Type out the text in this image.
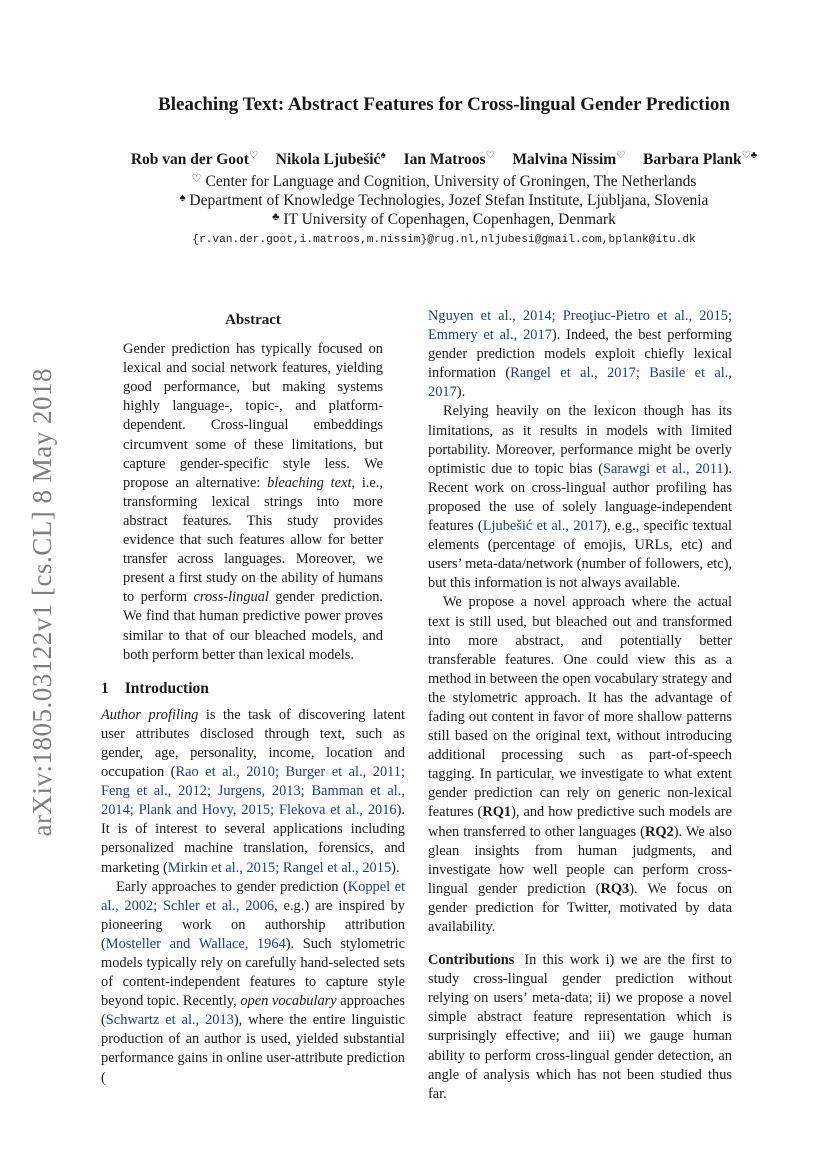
arXiv:1805.03122v1 [cs.CL] 8 May 2018
Bleaching Text: Abstract Features for Cross-lingual Gender Prediction
Rob van der Goot♡ Nikola Ljubešić♠ Ian Matroos♡ Malvina Nissim♡ Barbara Plank♡♣
♡ Center for Language and Cognition, University of Groningen, The Netherlands
♠ Department of Knowledge Technologies, Jozef Stefan Institute, Ljubljana, Slovenia
♣ IT University of Copenhagen, Copenhagen, Denmark
{r.van.der.goot,i.matroos,m.nissim}@rug.nl,nljubesi@gmail.com,bplank@itu.dk
Abstract

Gender prediction has typically focused on lexical and social network features, yielding good performance, but making systems highly language-, topic-, and platform-dependent. Cross-lingual embeddings circumvent some of these limitations, but capture gender-specific style less. We propose an alternative: bleaching text, i.e., transforming lexical strings into more abstract features. This study provides evidence that such features allow for better transfer across languages. Moreover, we present a first study on the ability of humans to perform cross-lingual gender prediction. We find that human predictive power proves similar to that of our bleached models, and both perform better than lexical models.

1 Introduction

Author profiling is the task of discovering latent user attributes disclosed through text, such as gender, age, personality, income, location and occupation (Rao et al., 2010; Burger et al., 2011; Feng et al., 2012; Jurgens, 2013; Bamman et al., 2014; Plank and Hovy, 2015; Flekova et al., 2016). It is of interest to several applications including personalized machine translation, forensics, and marketing (Mirkin et al., 2015; Rangel et al., 2015).

Early approaches to gender prediction (Koppel et al., 2002; Schler et al., 2006, e.g.) are inspired by pioneering work on authorship attribution (Mosteller and Wallace, 1964). Such stylometric models typically rely on carefully hand-selected sets of content-independent features to capture style beyond topic. Recently, open vocabulary approaches (Schwartz et al., 2013), where the entire linguistic production of an author is used, yielded substantial performance gains in online user-attribute prediction (

Nguyen et al., 2014; Preoţiuc-Pietro et al., 2015; Emmery et al., 2017). Indeed, the best performing gender prediction models exploit chiefly lexical information (Rangel et al., 2017; Basile et al., 2017).

Relying heavily on the lexicon though has its limitations, as it results in models with limited portability. Moreover, performance might be overly optimistic due to topic bias (Sarawgi et al., 2011). Recent work on cross-lingual author profiling has proposed the use of solely language-independent features (Ljubešić et al., 2017), e.g., specific textual elements (percentage of emojis, URLs, etc) and users’ meta-data/network (number of followers, etc), but this information is not always available.

We propose a novel approach where the actual text is still used, but bleached out and transformed into more abstract, and potentially better transferable features. One could view this as a method in between the open vocabulary strategy and the stylometric approach. It has the advantage of fading out content in favor of more shallow patterns still based on the original text, without introducing additional processing such as part-of-speech tagging. In particular, we investigate to what extent gender prediction can rely on generic non-lexical features (RQ1), and how predictive such models are when transferred to other languages (RQ2). We also glean insights from human judgments, and investigate how well people can perform cross-lingual gender prediction (RQ3). We focus on gender prediction for Twitter, motivated by data availability.

Contributions In this work i) we are the first to study cross-lingual gender prediction without relying on users’ meta-data; ii) we propose a novel simple abstract feature representation which is surprisingly effective; and iii) we gauge human ability to perform cross-lingual gender detection, an angle of analysis which has not been studied thus far.
